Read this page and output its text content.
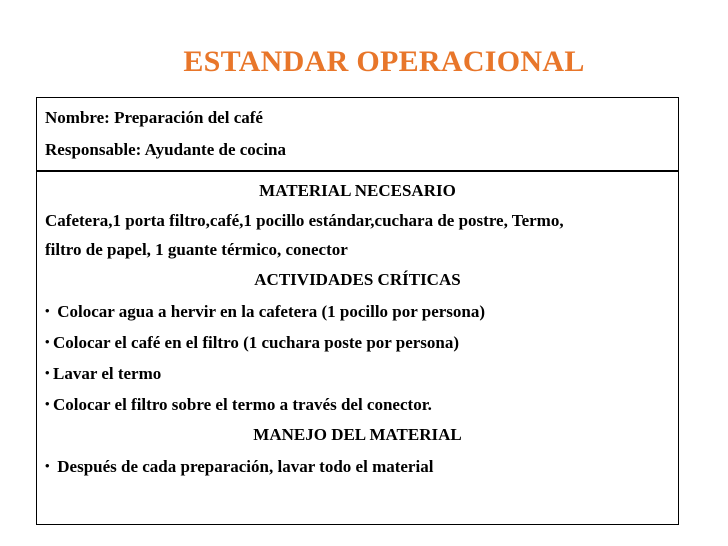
ESTANDAR OPERACIONAL
Nombre: Preparación del café
Responsable: Ayudante de cocina
MATERIAL NECESARIO
Cafetera,1 porta filtro,café,1 pocillo estándar,cuchara de postre, Termo,
filtro de papel, 1 guante térmico, conector
ACTIVIDADES CRÍTICAS
• Colocar agua a hervir en la cafetera (1 pocillo por persona)
• Colocar el café en el filtro (1 cuchara poste por persona)
• Lavar el termo
• Colocar el filtro sobre el termo a través del conector.
MANEJO DEL MATERIAL
• Después de cada preparación, lavar todo el material
